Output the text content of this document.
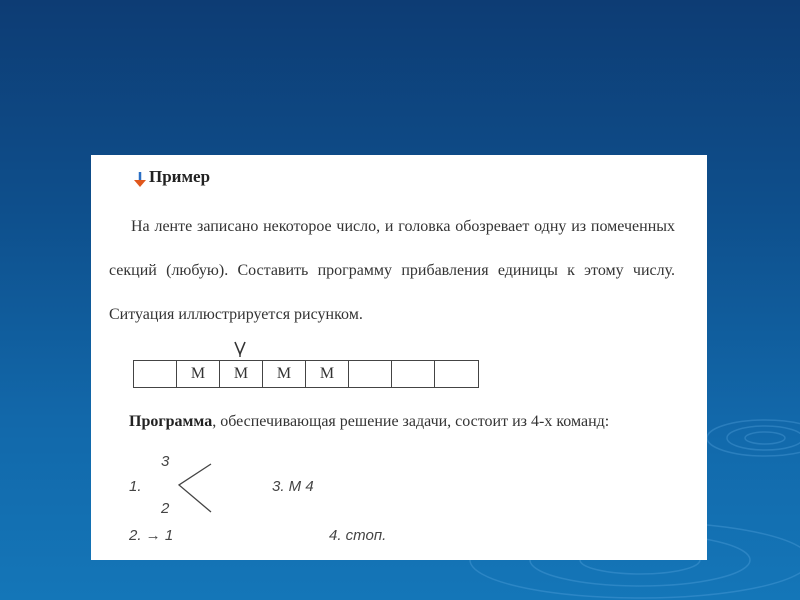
Пример
На ленте записано некоторое число, и головка обозревает одну из помеченных секций (любую). Составить программу прибавления единицы к этому числу. Ситуация иллюстрируется рисунком.
M	M	M	M
Программа, обеспечивающая решение задачи, состоит из 4-х команд:
3
1.
2
3. M 4
2. → 1	4. стоп.
